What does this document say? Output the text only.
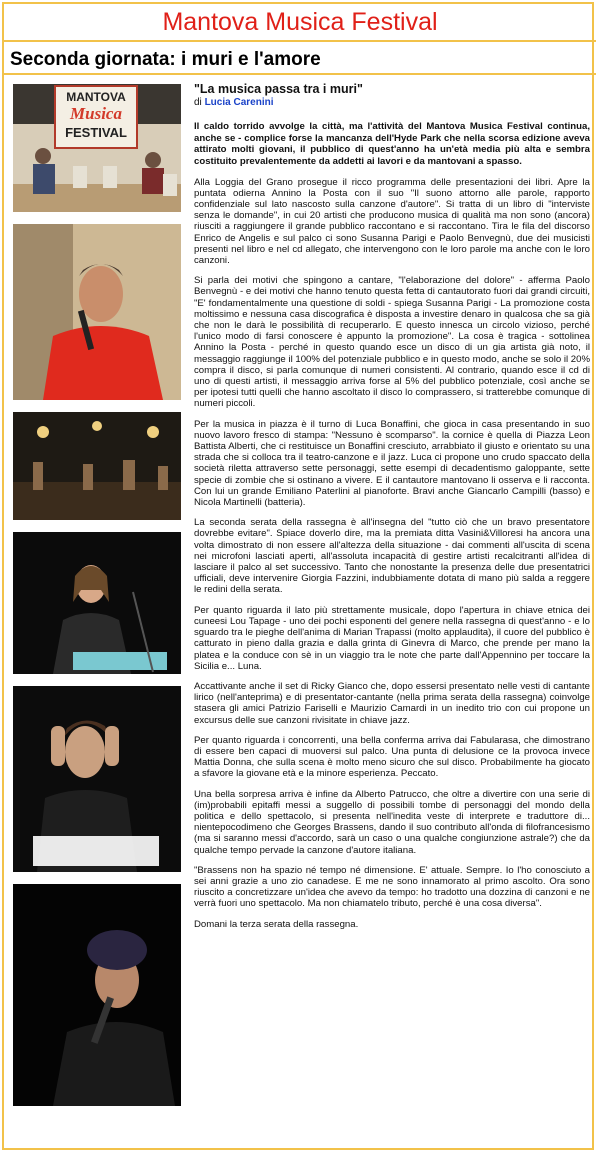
Mantova Musica Festival
Seconda giornata: i muri e l'amore
MANTOVA
Musica
FESTIVAL
"La musica passa tra i muri"
di Lucia Carenini

Il caldo torrido avvolge la città, ma l'attività del Mantova Musica Festival continua, anche se - complice forse la mancanza dell'Hyde Park che nella scorsa edizione aveva attirato molti giovani, il pubblico di quest'anno ha un'età media più alta e sembra costituito prevalentemente da addetti ai lavori e da mantovani a spasso.

Alla Loggia del Grano prosegue il ricco programma delle presentazioni dei libri. Apre la puntata odierna Annino la Posta con il suo "Il suono attorno alle parole, rapporto confidenziale sul lato nascosto sulla canzone d'autore". Si tratta di un libro di "interviste senza le domande", in cui 20 artisti che producono musica di qualità ma non sono (ancora) riusciti a raggiungere il grande pubblico raccontano e si raccontano. Tira le fila del discorso Enrico de Angelis e sul palco ci sono Susanna Parigi e Paolo Benvegnù, due dei musicisti presenti nel libro e nel cd allegato, che intervengono con le loro parole ma anche con le loro canzoni.

Si parla dei motivi che spingono a cantare, "l'elaborazione del dolore" - afferma Paolo Benvegnù - e dei motivi che hanno tenuto questa fetta di cantautorato fuori dai grandi circuiti, "E' fondamentalmente una questione di soldi - spiega Susanna Parigi - La promozione costa moltissimo e nessuna casa discografica è disposta a investire denaro in qualcosa che sa già che non le darà le possibilità di recuperarlo. E questo innesca un circolo vizioso, perché l'unico modo di farsi conoscere è appunto la promozione". La cosa è tragica - sottolinea Annino la Posta - perché in questo quando esce un disco di un gia artista già noto, il messaggio raggiunge il 100% del potenziale pubblico e in questo modo, anche se solo il 20% compra il disco, si parla comunque di numeri consistenti. Al contrario, quando esce il cd di uno di questi artisti, il messaggio arriva forse al 5% del pubblico potenziale, così anche se per ipotesi tutti quelli che hanno ascoltato il disco lo comprassero, si tratterebbe comunque di numeri piccoli.

Per la musica in piazza è il turno di Luca Bonaffini, che gioca in casa presentando in suo nuovo lavoro fresco di stampa: "Nessuno è scomparso". la cornice è quella di Piazza Leon Battista Alberti, che ci restituisce un Bonaffini cresciuto, arrabbiato il giusto e orientato su una strada che si colloca tra il teatro-canzone e il jazz. Luca ci propone uno crudo spaccato della società riletta attraverso sette personaggi, sette esempi di decadentismo galoppante, sette specie di zombie che si ostinano a vivere. E il cantautore mantovano li osserva e li racconta. Con lui un grande Emiliano Paterlini al pianoforte. Bravi anche Giancarlo Campilli (basso) e Nicola Martinelli (batteria).

La seconda serata della rassegna è all'insegna del "tutto ciò che un bravo presentatore dovrebbe evitare". Spiace doverlo dire, ma la premiata ditta Vasini&Villoresi ha ancora una volta dimostrato di non essere all'altezza della situazione - dai commenti all'uscita di scena nei microfoni lasciati aperti, all'assoluta incapacità di gestire artisti recalcitranti all'idea di lasciare il palco al set successivo. Tanto che nonostante la presenza delle due presentatrici ufficiali, deve intervenire Giorgia Fazzini, indubbiamente dotata di mano più salda a reggere le redini della serata.

Per quanto riguarda il lato più strettamente musicale, dopo l'apertura in chiave etnica dei cuneesi Lou Tapage - uno dei pochi esponenti del genere nella rassegna di quest'anno - e lo sguardo tra le pieghe dell'anima di Marian Trapassi (molto applaudita), il cuore del pubblico è catturato in pieno dalla grazia e dalla grinta di Ginevra di Marco, che prende per mano la platea e la conduce con sè in un viaggio tra le note che parte dall'Appennino per toccare la Sicilia e... Luna.

Accattivante anche il set di Ricky Gianco che, dopo essersi presentato nelle vesti di cantante lirico (nell'anteprima) e di presentator-cantante (nella prima serata della rassegna) coinvolge stasera gli amici Patrizio Fariselli e Maurizio Camardi in un inedito trio con cui propone un excursus delle sue canzoni rivisitate in chiave jazz.

Per quanto riguarda i concorrenti, una bella conferma arriva dai Fabularasa, che dimostrano di essere ben capaci di muoversi sul palco. Una punta di delusione ce la provoca invece Mattia Donna, che sulla scena è molto meno sicuro che sul disco. Probabilmente ha giocato a sfavore la giovane età e la minore esperienza. Peccato.

Una bella sorpresa arriva è infine da Alberto Patrucco, che oltre a divertire con una serie di (im)probabili epitaffi messi a suggello di possibili tombe di personaggi del mondo della politica e dello spettacolo, si presenta nell'inedita veste di interprete e traduttore di... nientepocodimeno che Georges Brassens, dando il suo contributo all'onda di filofrancesismo (ma si saranno messi d'accordo, sarà un caso o una qualche congiunzione astrale?) che da qualche tempo pervade la canzone d'autore italiana.

"Brassens non ha spazio né tempo né dimensione. E' attuale. Sempre. Io l'ho conosciuto a sei anni grazie a uno zio canadese. E me ne sono innamorato al primo ascolto. Ora sono riuscito a concretizzare un'idea che avevo da tempo: ho tradotto una dozzina di canzoni e ne verrà fuori uno spettacolo. Ma non chiamatelo tributo, perché è una cosa diversa".

Domani la terza serata della rassegna.
